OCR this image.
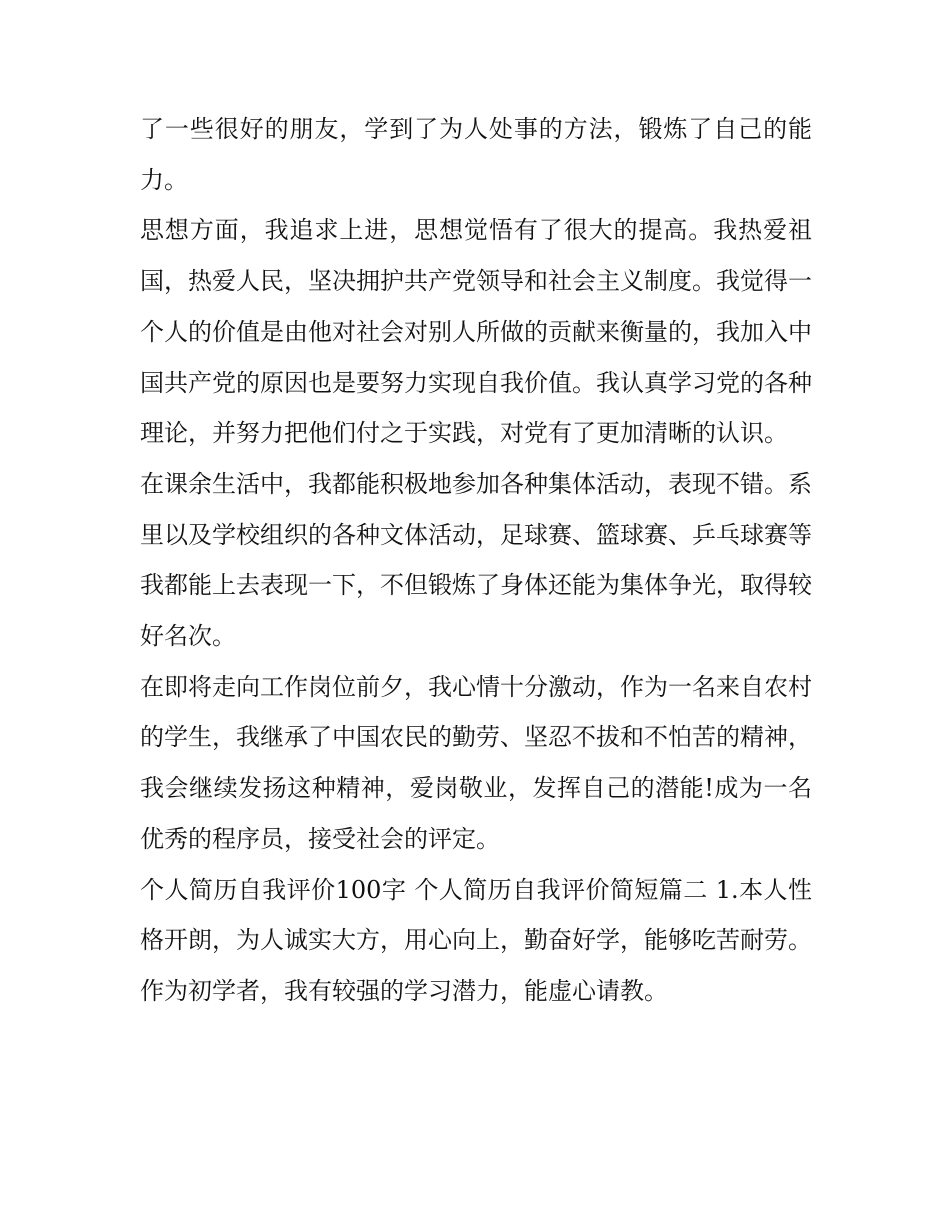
了一些很好的朋友，学到了为人处事的方法，锻炼了自己的能力。

思想方面，我追求上进，思想觉悟有了很大的提高。我热爱祖国，热爱人民，坚决拥护共产党领导和社会主义制度。我觉得一个人的价值是由他对社会对别人所做的贡献来衡量的，我加入中国共产党的原因也是要努力实现自我价值。我认真学习党的各种理论，并努力把他们付之于实践，对党有了更加清晰的认识。

在课余生活中，我都能积极地参加各种集体活动，表现不错。系里以及学校组织的各种文体活动，足球赛、篮球赛、乒乓球赛等我都能上去表现一下，不但锻炼了身体还能为集体争光，取得较好名次。

在即将走向工作岗位前夕，我心情十分激动，作为一名来自农村的学生，我继承了中国农民的勤劳、坚忍不拔和不怕苦的精神，我会继续发扬这种精神，爱岗敬业，发挥自己的潜能!成为一名优秀的程序员，接受社会的评定。

个人简历自我评价100字 个人简历自我评价简短篇二 1.本人性格开朗，为人诚实大方，用心向上，勤奋好学，能够吃苦耐劳。

作为初学者，我有较强的学习潜力，能虚心请教。
